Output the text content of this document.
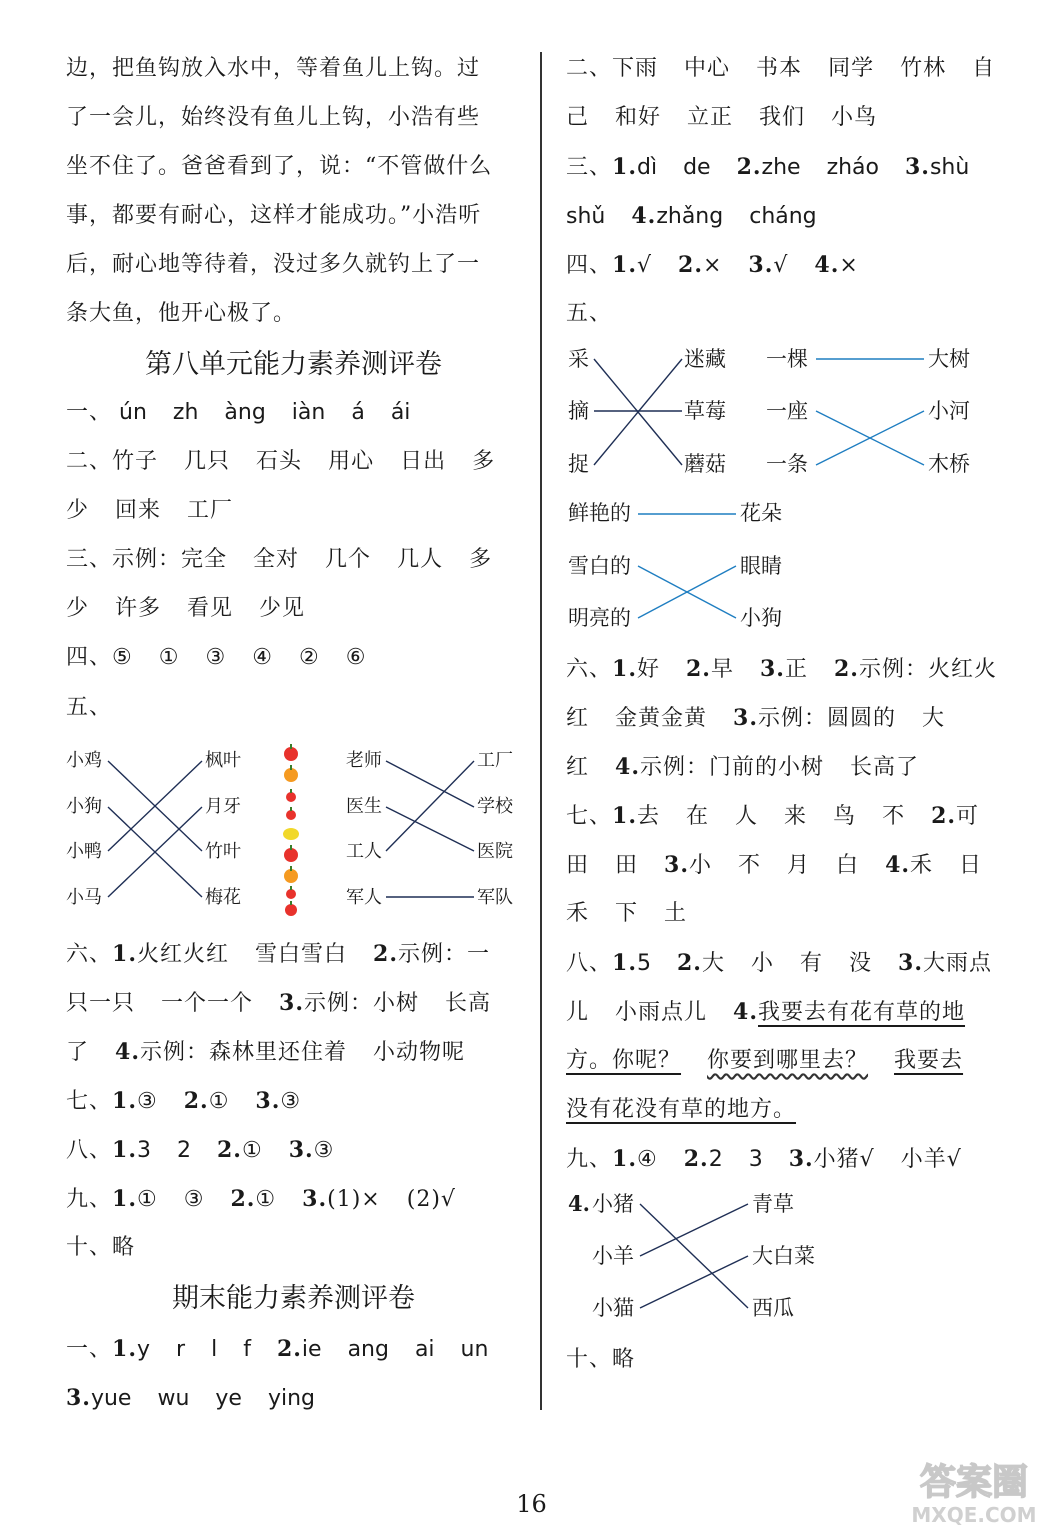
边，把鱼钩放入水中，等着鱼儿上钩。过
了一会儿，始终没有鱼儿上钩，小浩有些
坐不住了。爸爸看到了，说：“不管做什么
事，都要有耐心，这样才能成功。”小浩听
后，耐心地等待着，没过多久就钓上了一
条大鱼，他开心极了。
第八单元能力素养测评卷
一、 ún zh àng iàn á ái
二、竹子 几只 石头 用心 日出 多
少 回来 工厂
三、示例：完全 全对 几个 几人 多
少 许多 看见 少见
四、⑤ ① ③ ④ ② ⑥
五、
小鸡
小狗
小鸭
小马
枫叶
月牙
竹叶
梅花
老师
医生
工人
军人
工厂
学校
医院
军队
六、1.火红火红 雪白雪白 2.示例：一
只一只 一个一个 3.示例：小树 长高
了 4.示例：森林里还住着 小动物呢
七、1.③ 2.① 3.③
八、1.3 2 2.① 3.③
九、1.① ③ 2.① 3.(1)× (2)√
十、略
期末能力素养测评卷
一、1.y r l f 2.ie ang ai un
3.yue wu ye ying
二、下雨 中心 书本 同学 竹林 自
己 和好 立正 我们 小鸟
三、1.dì de 2.zhe zháo 3.shù
shǔ 4.zhǎng cháng
四、1.√ 2.× 3.√ 4.×
五、
采
摘
捉
迷藏
草莓
蘑菇
一棵
一座
一条
大树
小河
木桥
鲜艳的	花朵
雪白的
明亮的
眼睛
小狗
六、1.好 2.早 3.正 2.示例：火红火
红 金黄金黄 3.示例：圆圆的 大
红 4.示例：门前的小树 长高了
七、1.去 在 人 来 鸟 不 2.可
田 田 3.小 不 月 白 4.禾 日
禾 下 土
八、1.5 2.大 小 有 没 3.大雨点
儿 小雨点儿 4.我要去有花有草的地
方。你呢？ 你要到哪里去？ 我要去
没有花没有草的地方。
九、1.④ 2.2 3 3.小猪√ 小羊√
4. 小猪
小羊
小猫
青草
大白菜
西瓜
十、略
16
答案圈
MXQE.COM
